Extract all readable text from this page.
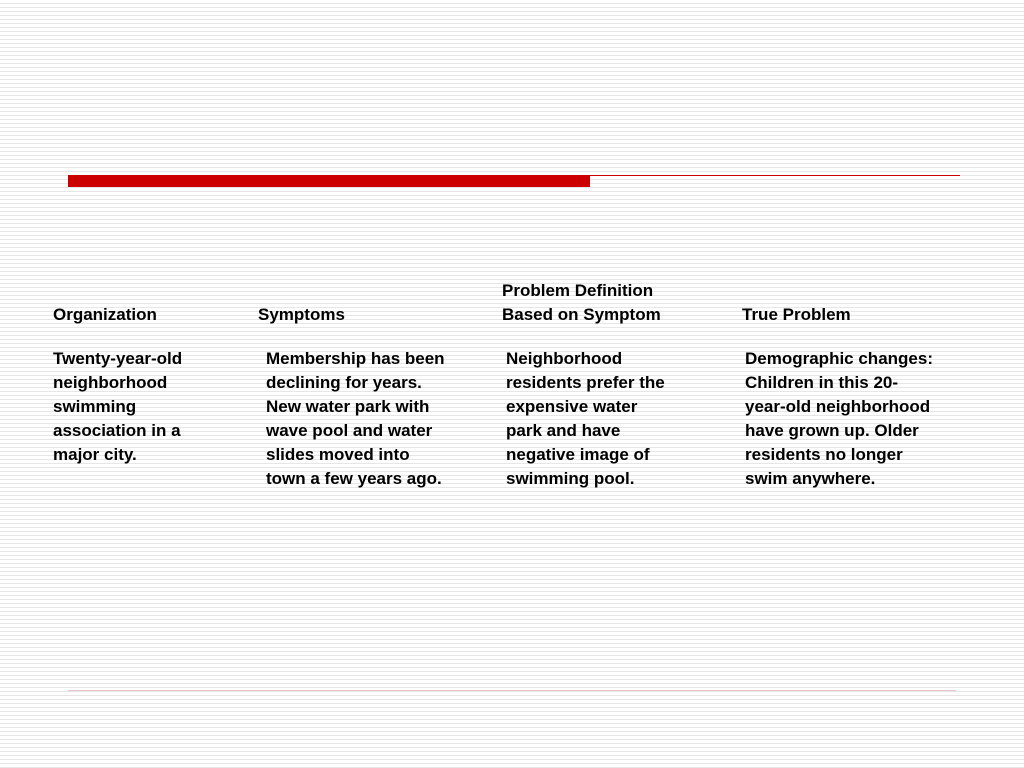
Organization	Symptoms
Problem Definition
Based on Symptom	True Problem
Twenty-year-old
neighborhood
swimming
association in a
major city.
Membership has been
declining for years.
New water park with
wave pool and water
slides moved into
town a few years ago.
Neighborhood
residents prefer the
expensive water
park and have
negative image of
swimming pool.
Demographic changes:
Children in this 20-
year-old neighborhood
have grown up. Older
residents no longer
swim anywhere.
